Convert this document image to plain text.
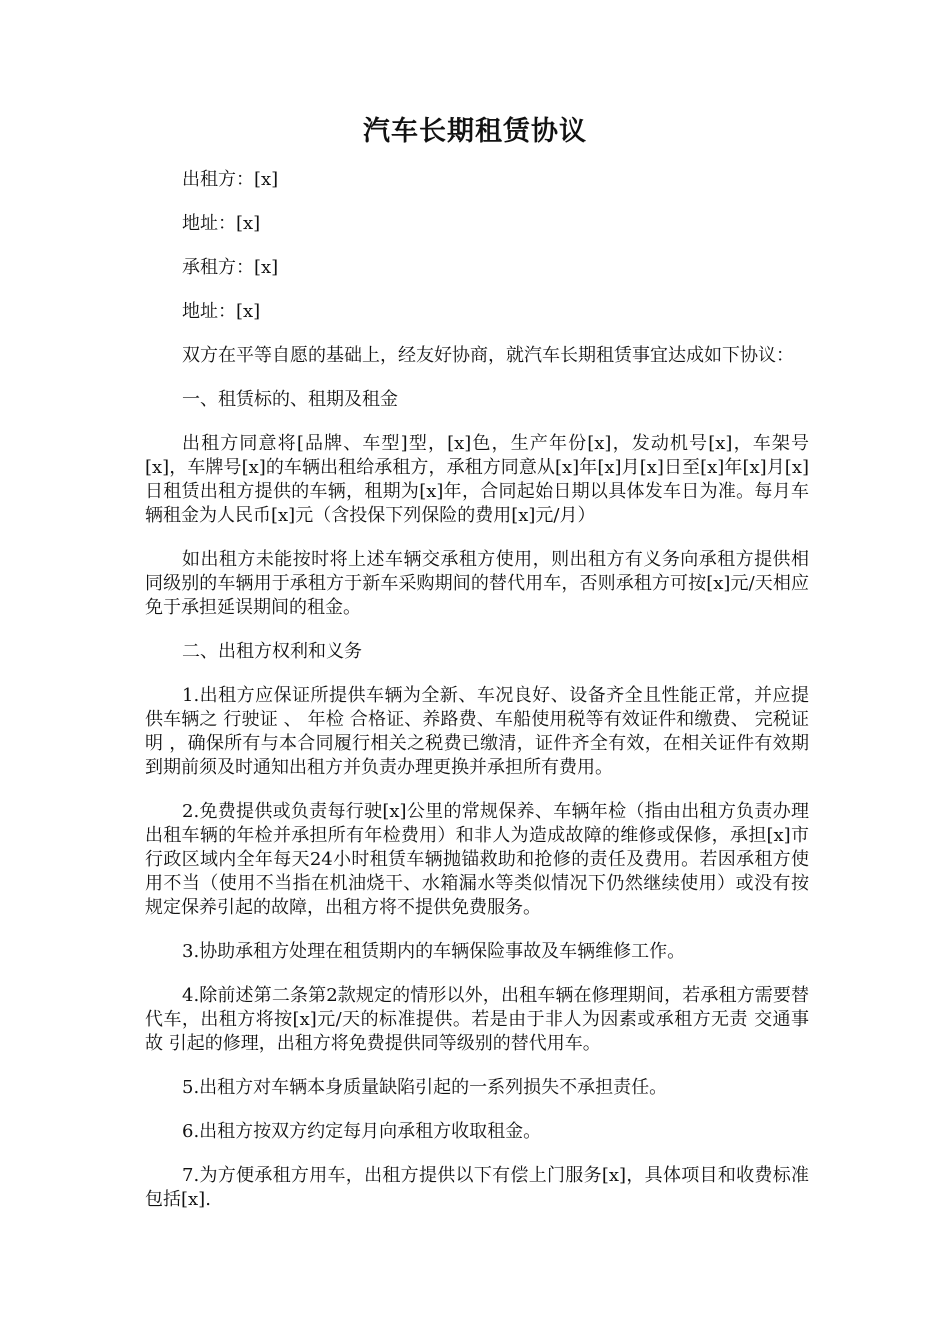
汽车长期租赁协议

出租方：[x]

地址：[x]

承租方：[x]

地址：[x]

双方在平等自愿的基础上，经友好协商，就汽车长期租赁事宜达成如下协议：

一、租赁标的、租期及租金

出租方同意将[品牌、车型]型，[x]色，生产年份[x]，发动机号[x]，车架号[x]，车牌号[x]的车辆出租给承租方，承租方同意从[x]年[x]月[x]日至[x]年[x]月[x]日租赁出租方提供的车辆，租期为[x]年，合同起始日期以具体发车日为准。每月车辆租金为人民币[x]元（含投保下列保险的费用[x]元/月）

如出租方未能按时将上述车辆交承租方使用，则出租方有义务向承租方提供相同级别的车辆用于承租方于新车采购期间的替代用车，否则承租方可按[x]元/天相应免于承担延误期间的租金。

二、出租方权利和义务

1.出租方应保证所提供车辆为全新、车况良好、设备齐全且性能正常，并应提供车辆之 行驶证 、 年检 合格证、养路费、车船使用税等有效证件和缴费、 完税证明 ，确保所有与本合同履行相关之税费已缴清，证件齐全有效，在相关证件有效期到期前须及时通知出租方并负责办理更换并承担所有费用。

2.免费提供或负责每行驶[x]公里的常规保养、车辆年检（指由出租方负责办理出租车辆的年检并承担所有年检费用）和非人为造成故障的维修或保修，承担[x]市行政区域内全年每天24小时租赁车辆抛锚救助和抢修的责任及费用。若因承租方使用不当（使用不当指在机油烧干、水箱漏水等类似情况下仍然继续使用）或没有按规定保养引起的故障，出租方将不提供免费服务。

3.协助承租方处理在租赁期内的车辆保险事故及车辆维修工作。

4.除前述第二条第2款规定的情形以外，出租车辆在修理期间，若承租方需要替代车，出租方将按[x]元/天的标准提供。若是由于非人为因素或承租方无责 交通事故 引起的修理，出租方将免费提供同等级别的替代用车。

5.出租方对车辆本身质量缺陷引起的一系列损失不承担责任。

6.出租方按双方约定每月向承租方收取租金。

7.为方便承租方用车，出租方提供以下有偿上门服务[x]，具体项目和收费标准包括[x].
